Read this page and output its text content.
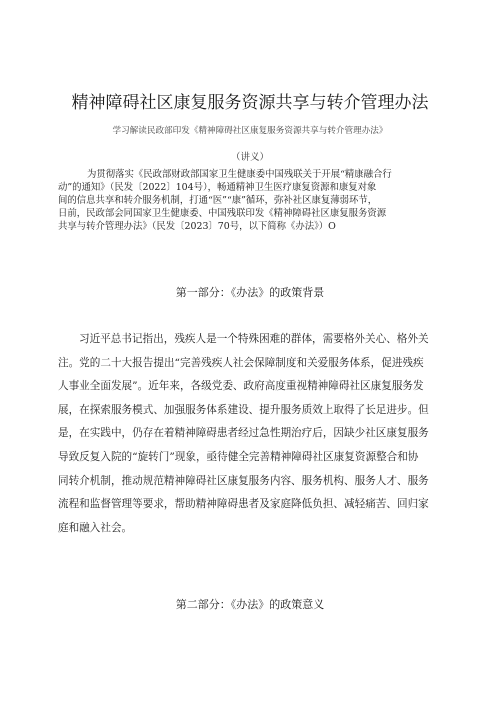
精神障碍社区康复服务资源共享与转介管理办法
学习解读民政部印发《精神障碍社区康复服务资源共享与转介管理办法》
（讲义）
为贯彻落实《民政部财政部国家卫生健康委中国残联关于开展“精康融合行
动”的通知》（民发〔2022〕104号），畅通精神卫生医疗康复资源和康复对象
间的信息共享和转介服务机制，打通“医”“康”循环，弥补社区康复薄弱环节，
日前，民政部会同国家卫生健康委、中国残联印发《精神障碍社区康复服务资源
共享与转介管理办法》（民发〔2023〕70号，以下简称《办法》）O
第一部分：《办法》的政策背景
习近平总书记指出，残疾人是一个特殊困难的群体，需要格外关心、格外关
注。党的二十大报告提出“完善残疾人社会保障制度和关爱服务体系，促进残疾
人事业全面发展”。近年来，各级党委、政府高度重视精神障碍社区康复服务发
展，在探索服务模式、加强服务体系建设、提升服务质效上取得了长足进步。但
是，在实践中，仍存在着精神障碍患者经过急性期治疗后，因缺少社区康复服务
导致反复入院的“旋转门”现象，亟待健全完善精神障碍社区康复资源整合和协
同转介机制，推动规范精神障碍社区康复服务内容、服务机构、服务人才、服务
流程和监督管理等要求，帮助精神障碍患者及家庭降低负担、减轻痛苦、回归家
庭和融入社会。
第二部分：《办法》的政策意义
